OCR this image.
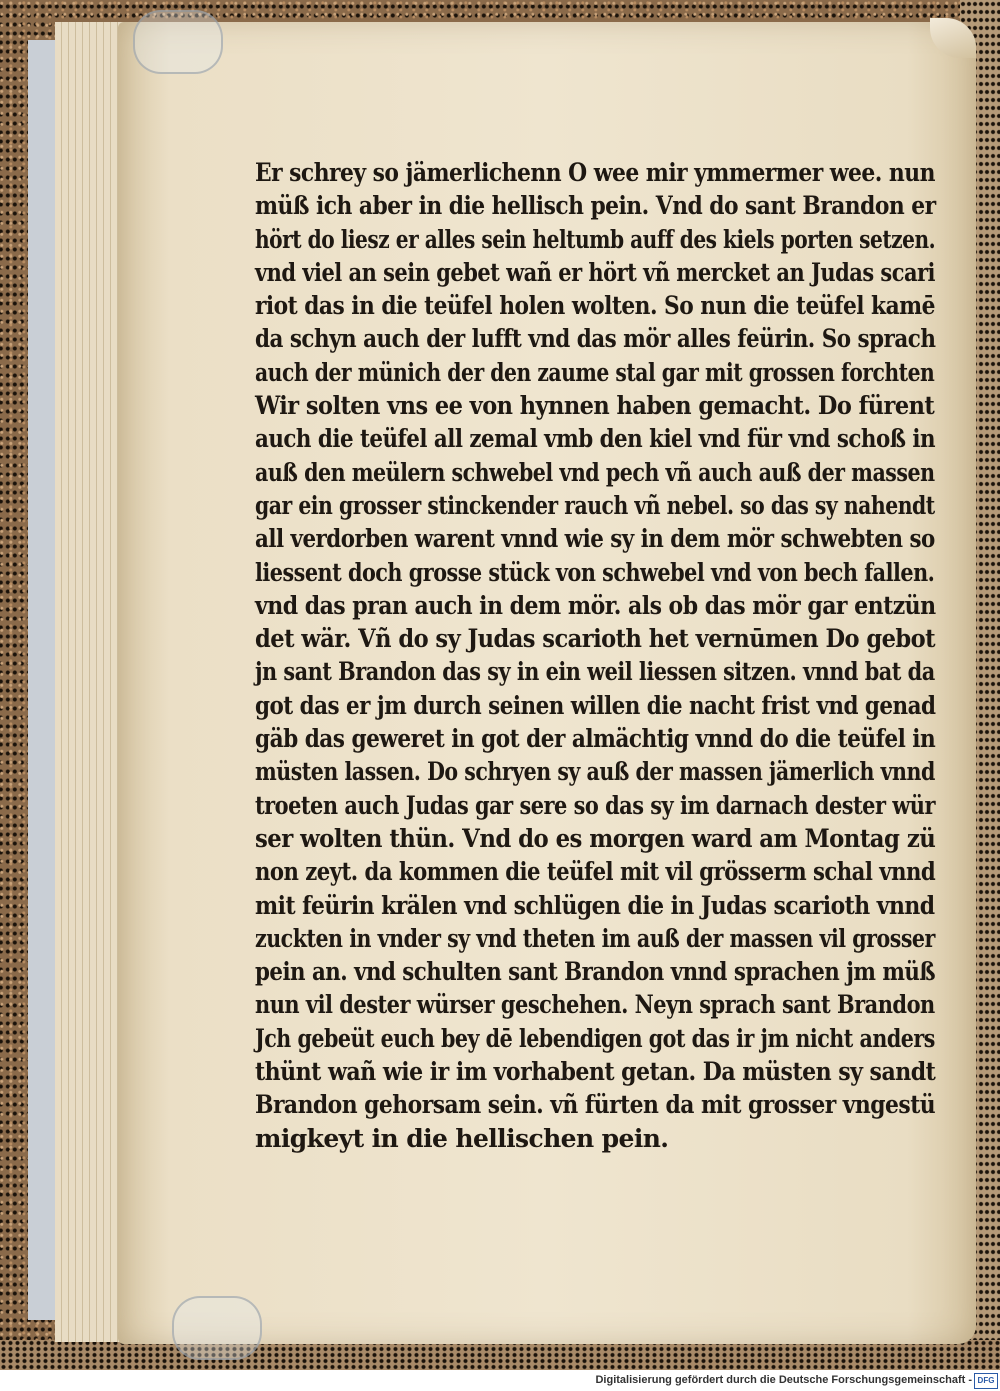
Er schrey so jämerlichenn O wee mir ymmermer wee. nun
müß ich aber in die hellisch pein. Vnd do sant Brandon er
hört do liesz er alles sein heltumb auff des kiels porten setzen.
vnd viel an sein gebet wañ er hört vñ mercket an Judas scari
riot das in die teüfel holen wolten. So nun die teüfel kamē
da schyn auch der lufft vnd das mör alles feürin. So sprach
auch der münich der den zaume stal gar mit grossen forchten
Wir solten vns ee von hynnen haben gemacht. Do fürent
auch die teüfel all zemal vmb den kiel vnd für vnd schoß in
auß den meülern schwebel vnd pech vñ auch auß der massen
gar ein grosser stinckender rauch vñ nebel. so das sy nahendt
all verdorben warent vnnd wie sy in dem mör schwebten so
liessent doch grosse stück von schwebel vnd von bech fallen.
vnd das pran auch in dem mör. als ob das mör gar entzün
det wär. Vñ do sy Judas scarioth het vernūmen Do gebot
jn sant Brandon das sy in ein weil liessen sitzen. vnnd bat da
got das er jm durch seinen willen die nacht frist vnd genad
gäb das geweret in got der almächtig vnnd do die teüfel in
müsten lassen. Do schryen sy auß der massen jämerlich vnnd
troeten auch Judas gar sere so das sy im darnach dester wür
ser wolten thün. Vnd do es morgen ward am Montag zü
non zeyt. da kommen die teüfel mit vil grösserm schal vnnd
mit feürin krälen vnd schlügen die in Judas scarioth vnnd
zuckten in vnder sy vnd theten im auß der massen vil grosser
pein an. vnd schulten sant Brandon vnnd sprachen jm müß
nun vil dester würser geschehen. Neyn sprach sant Brandon
Jch gebeüt euch bey dē lebendigen got das ir jm nicht anders
thünt wañ wie ir im vorhabent getan. Da müsten sy sandt
Brandon gehorsam sein. vñ fürten da mit grosser vngestü
migkeyt in die hellischen pein.
Digitalisierung gefördert durch die Deutsche Forschungsgemeinschaft - DFG
